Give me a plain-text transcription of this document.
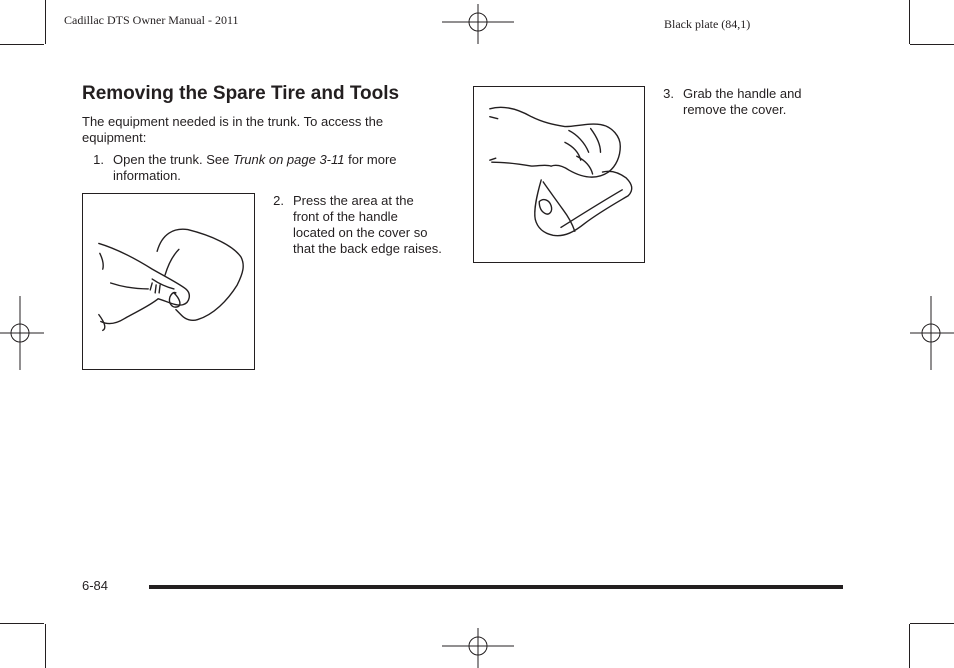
Cadillac DTS Owner Manual - 2011	Black plate (84,1)
Removing the Spare Tire and Tools
The equipment needed is in the trunk. To access the equipment:
1. Open the trunk. See Trunk on page 3-11 for more information.
2. Press the area at the front of the handle located on the cover so that the back edge raises.
3. Grab the handle and remove the cover.
6-84
